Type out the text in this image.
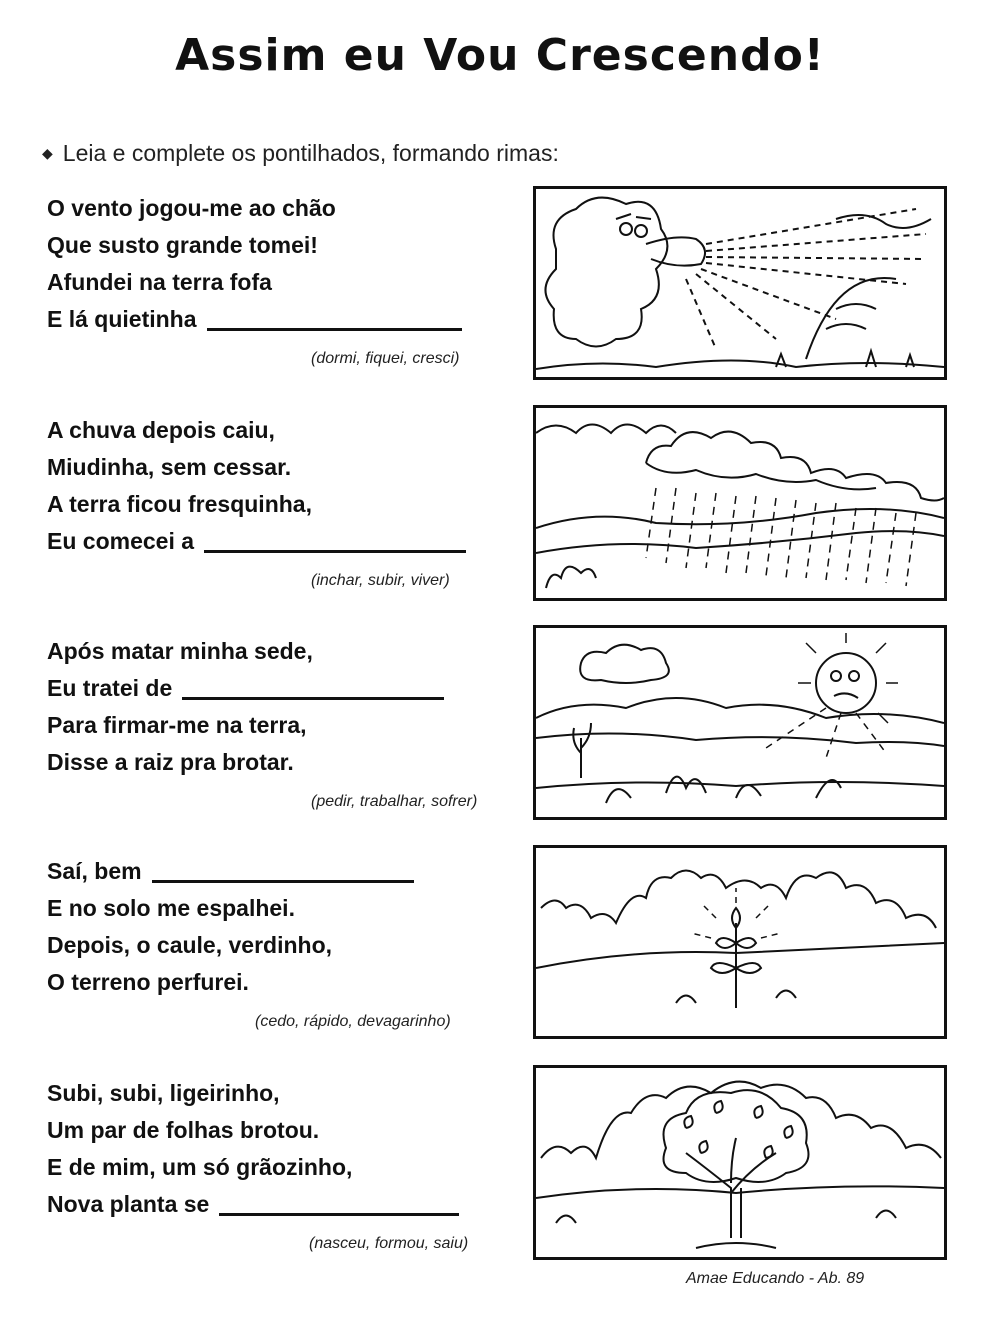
Assim eu Vou Crescendo!
◆ Leia e complete os pontilhados, formando rimas:
O vento jogou-me ao chão
Que susto grande tomei!
Afundei na terra fofa
E lá quietinha
(dormi, fiquei, cresci)
A chuva depois caiu,
Miudinha, sem cessar.
A terra ficou fresquinha,
Eu comecei a
(inchar, subir, viver)
Após matar minha sede,
Eu tratei de
Para firmar-me na terra,
Disse a raiz pra brotar.
(pedir, trabalhar, sofrer)
Saí, bem
E no solo me espalhei.
Depois, o caule, verdinho,
O terreno perfurei.
(cedo, rápido, devagarinho)
Subi, subi, ligeirinho,
Um par de folhas brotou.
E de mim, um só grãozinho,
Nova planta se
(nasceu, formou, saiu)
Amae Educando - Ab. 89
